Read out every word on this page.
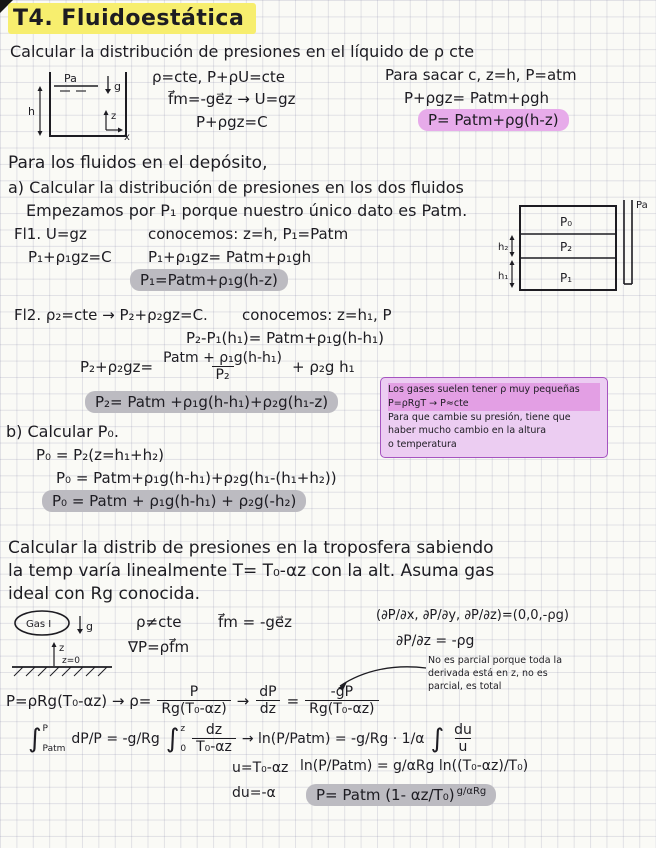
T4. Fluidoestática
Calcular la distribución de presiones en el líquido de ρ cte
Pa
g
h	z
x
ρ=cte, P+ρU=cte
f⃗m=-ge⃗z → U=gz
P+ρgz=C
Para sacar c, z=h, P=atm
P+ρgz= Patm+ρgh
P= Patm+ρg(h-z)
Para los fluidos en el depósito,
a) Calcular la distribución de presiones en los dos fluidos
Empezamos por P₁ porque nuestro único dato es Patm.
P₀
P₂
P₁
Pa
h₂
h₁
Fl1. U=gz	conocemos: z=h, P₁=Patm
P₁+ρ₁gz=C P₁+ρ₁gz= Patm+ρ₁gh
P₁=Patm+ρ₁g(h-z)
Fl2. ρ₂=cte → P₂+ρ₂gz=C. conocemos: z=h₁, P
P₂-P₁(h₁)= Patm+ρ₁g(h-h₁)
$P_2+\rho_2gz= \frac{\text{Patm + ρ₁g(h-h₁)}}{\text{P₂}} + \rho_2g$ h₁
P₂= Patm +ρ₁g(h-h₁)+ρ₂g(h₁-z)
Los gases suelen tener ρ muy pequeñas
P=ρRgT → P≈cte
Para que cambie su presión, tiene que
haber mucho cambio en la altura
o temperatura
b) Calcular P₀.
P₀ = P₂(z=h₁+h₂)
P₀ = Patm+ρ₁g(h-h₁)+ρ₂g(h₁-(h₁+h₂))
P₀ = Patm + ρ₁g(h-h₁) + ρ₂g(-h₂)
Calcular la distrib de presiones en la troposfera sabiendo
la temp varía linealmente T= T₀-αz con la alt. Asuma gas
ideal con Rg conocida.
Gas I	g
z
z=0
ρ≠cte
∇P=ρf⃗m
f⃗m = -ge⃗z	(∂P/∂x, ∂P/∂y, ∂P/∂z)=(0,0,-ρg)
∂P/∂z = -ρg
No es parcial porque toda la derivada está en z, no es parcial, es total
$P=\rho Rg(T_0-\alpha z) \to \rho= \frac{P}{\text{Rg(T₀-αz)}} \to \frac{dP}{dz} = \frac{-gP}{\text{Rg(T₀-αz)}}$
∫ P
Patm
dP/P = -g/Rg ∫ z
$0 \frac{dz}{\text{T₀-αz}}$ → ln(P/Patm) = -g/Rg · 1/α ∫ $\frac{du}{u}$
u=T₀-αz
du=-α
ln(P/Patm) = g/αRg ln((T₀-αz)/T₀)
P= Patm (1- αz/T₀) $^{g/\alpha Rg}$
